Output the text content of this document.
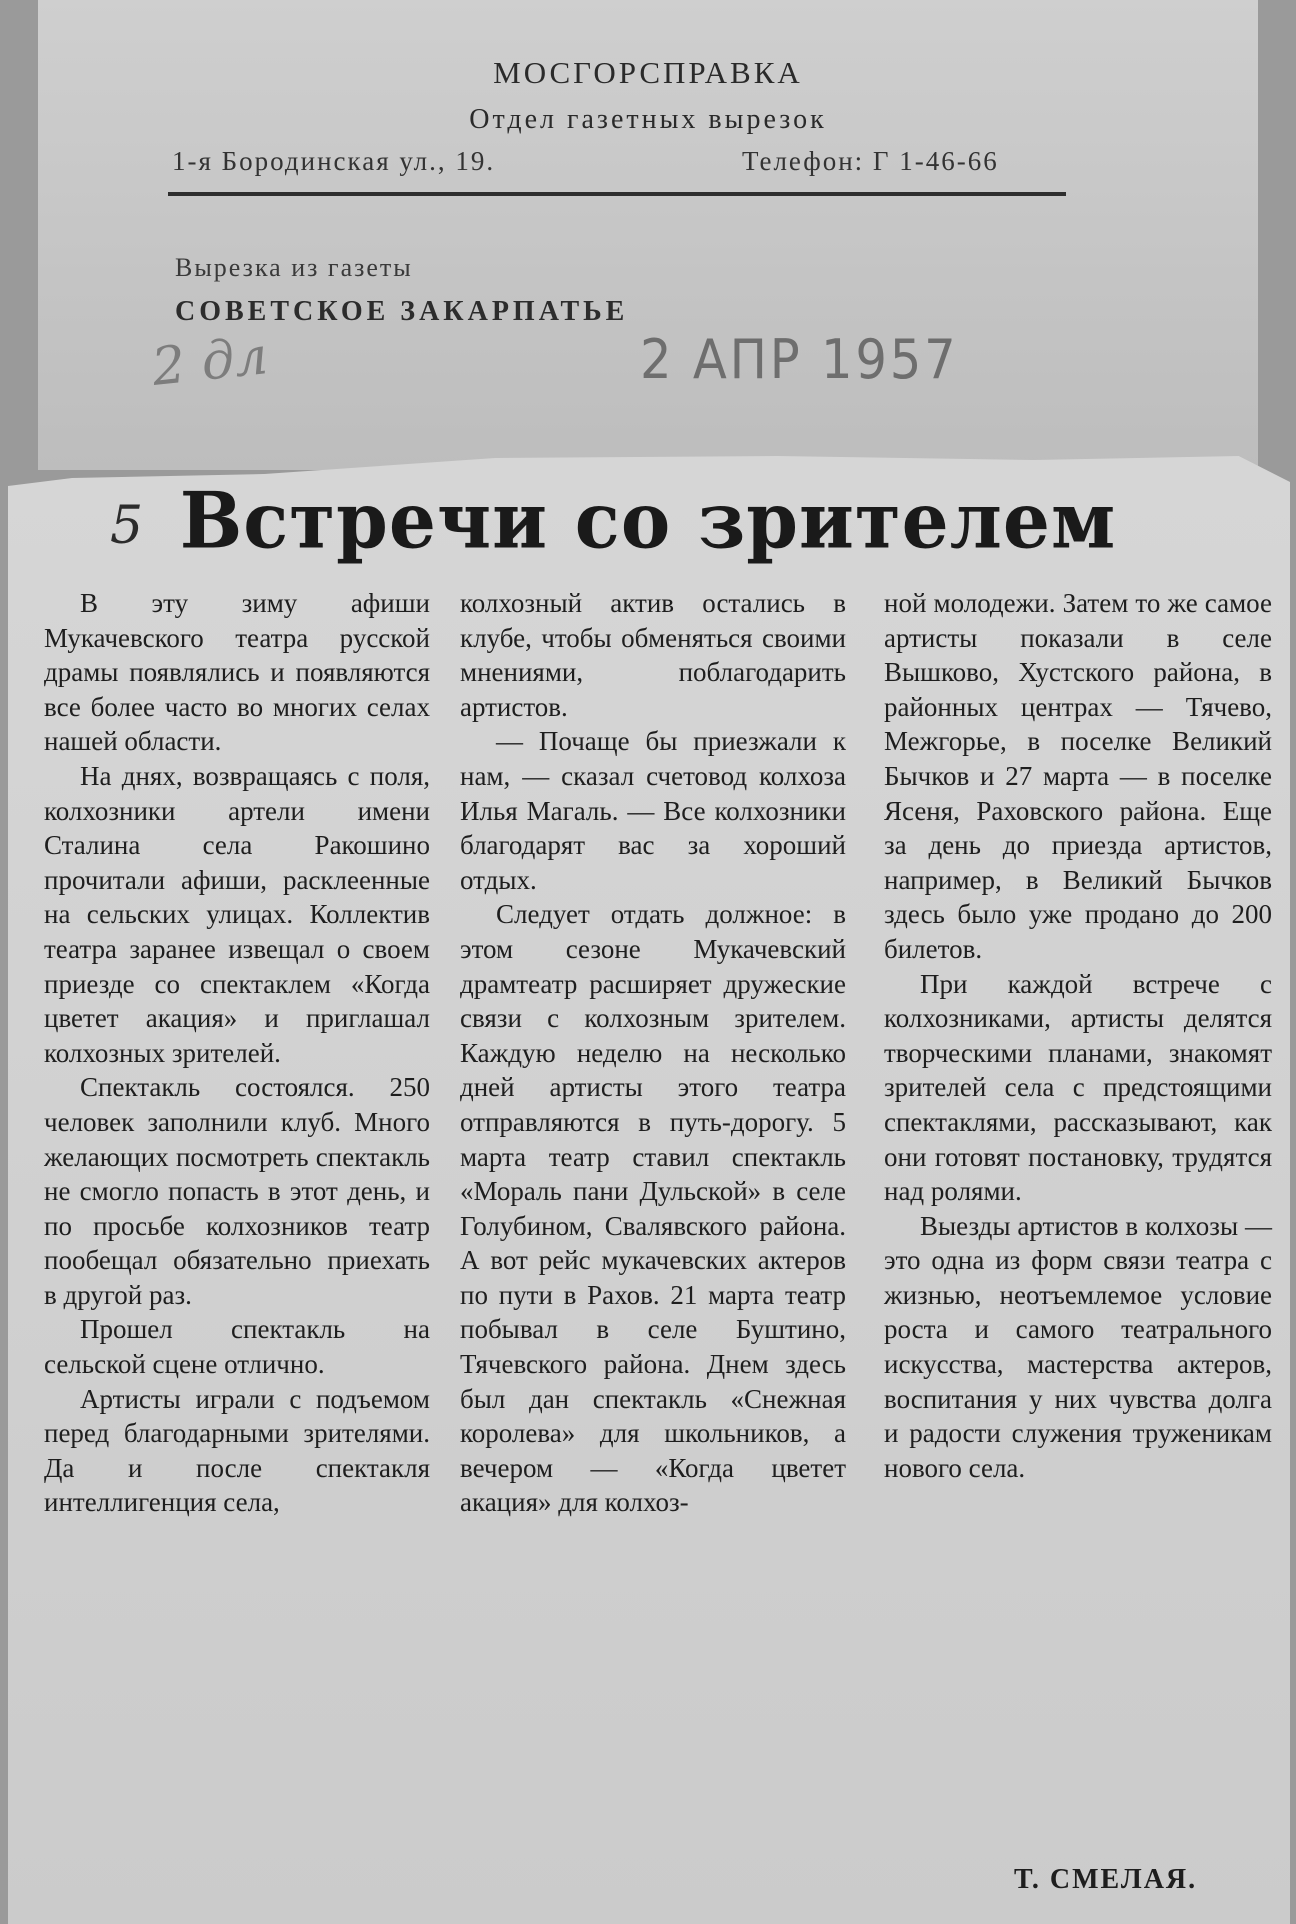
МОСГОРСПРАВКА
Отдел газетных вырезок
1-я Бородинская ул., 19.	Телефон: Г 1-46-66
Вырезка из газеты
СОВЕТСКОЕ ЗАКАРПАТЬЕ
2 дл	2 АПР 1957
5 Встречи со зрителем

В эту зиму афиши Мукачевского театра русской драмы появлялись и появляются все более часто во многих селах нашей области.

На днях, возвращаясь с поля, колхозники артели имени Сталина села Ракошино прочитали афиши, расклеенные на сельских улицах. Коллектив театра заранее извещал о своем приезде со спектаклем «Когда цветет акация» и приглашал колхозных зрителей.

Спектакль состоялся. 250 человек заполнили клуб. Много желающих посмотреть спектакль не смогло попасть в этот день, и по просьбе колхозников театр пообещал обязательно приехать в другой раз.

Прошел спектакль на сельской сцене отлично.

Артисты играли с подъемом перед благодарными зрителями. Да и после спектакля интеллигенция села,

колхозный актив остались в клубе, чтобы обменяться своими мнениями, поблагодарить артистов.

— Почаще бы приезжали к нам, — сказал счетовод колхоза Илья Магаль. — Все колхозники благодарят вас за хороший отдых.

Следует отдать должное: в этом сезоне Мукачевский драмтеатр расширяет дружеские связи с колхозным зрителем. Каждую неделю на несколько дней артисты этого театра отправляются в путь-дорогу. 5 марта театр ставил спектакль «Мораль пани Дульской» в селе Голубином, Свалявского района. А вот рейс мукачевских актеров по пути в Рахов. 21 марта театр побывал в селе Буштино, Тячевского района. Днем здесь был дан спектакль «Снежная королева» для школьников, а вечером — «Когда цветет акация» для колхоз-

ной молодежи. Затем то же самое артисты показали в селе Вышково, Хустского района, в районных центрах — Тячево, Межгорье, в поселке Великий Бычков и 27 марта — в поселке Ясеня, Раховского района. Еще за день до приезда артистов, например, в Великий Бычков здесь было уже продано до 200 билетов.

При каждой встрече с колхозниками, артисты делятся творческими планами, знакомят зрителей села с предстоящими спектаклями, рассказывают, как они готовят постановку, трудятся над ролями.

Выезды артистов в колхозы — это одна из форм связи театра с жизнью, неотъемлемое условие роста и самого театрального искусства, мастерства актеров, воспитания у них чувства долга и радости служения труженикам нового села.

Т. СМЕЛАЯ.
